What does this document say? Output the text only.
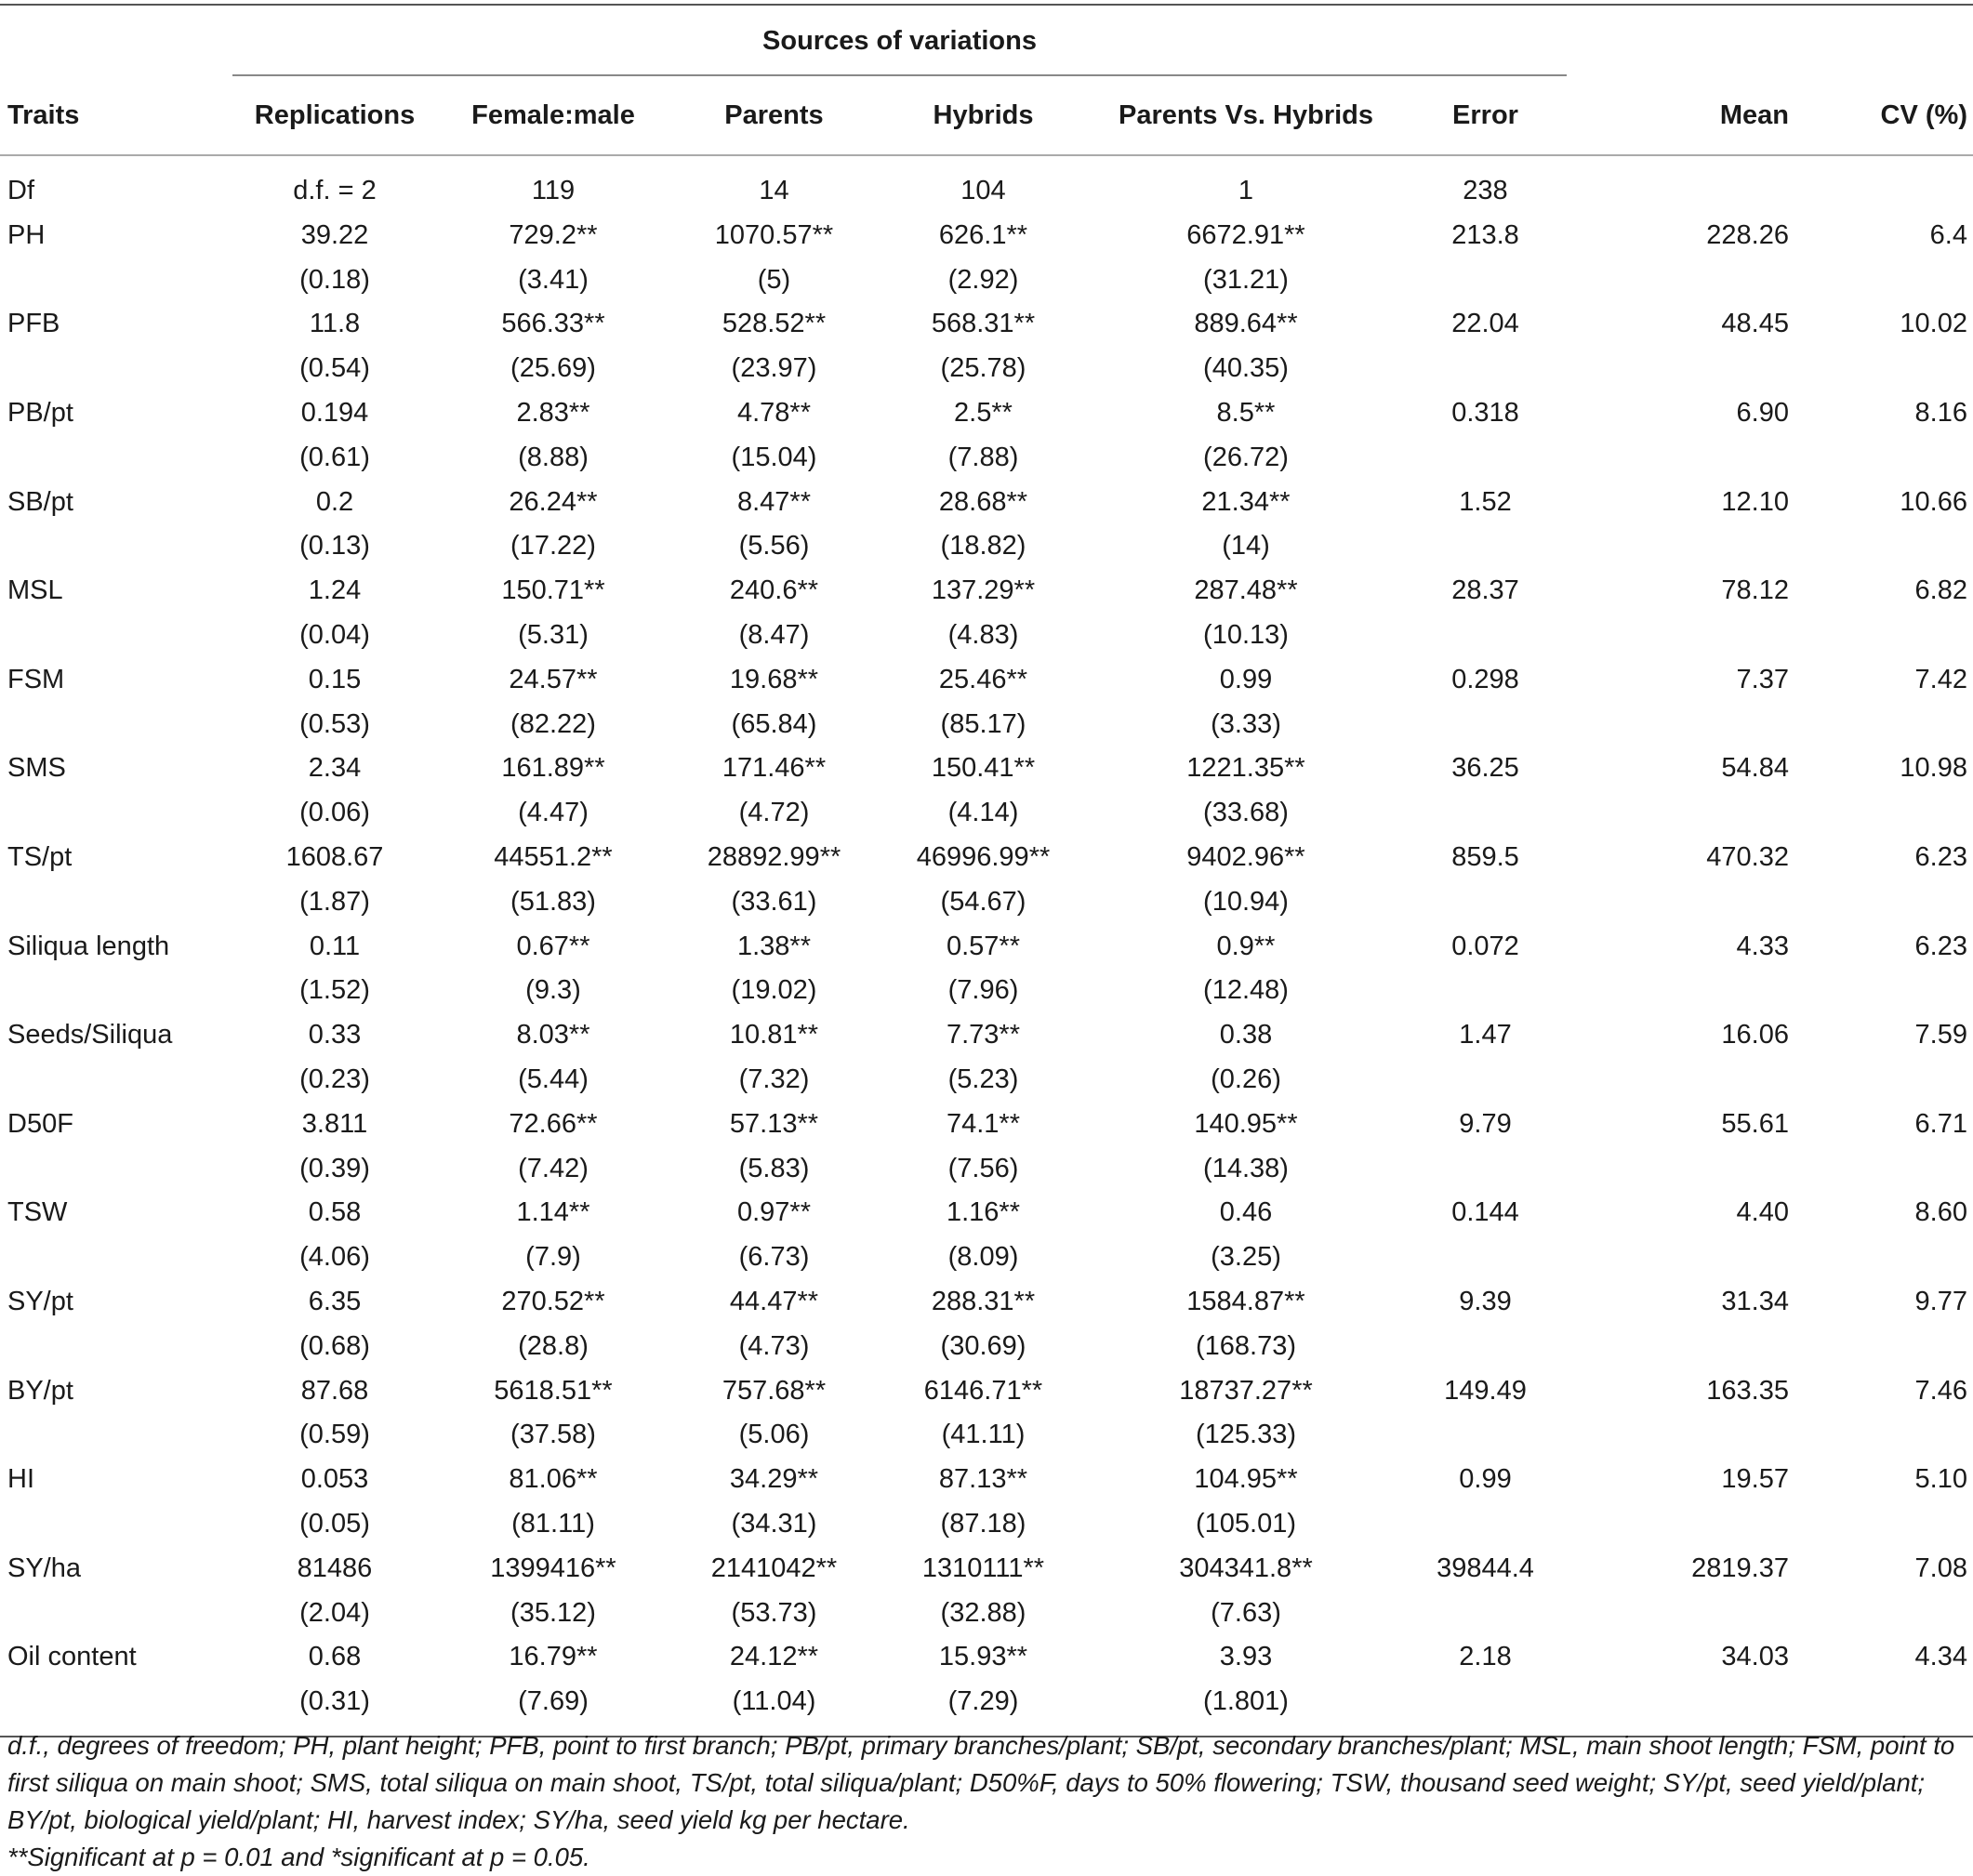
	Sources of variations							
Traits	Replications	Female:male	Parents	Hybrids	Parents Vs. Hybrids	Error	Mean	CV (%)
Df	d.f. = 2	119	14	104	1	238		
PH	39.22	729.2**	1070.57**	626.1**	6672.91**	213.8	228.26	6.4
	(0.18)	(3.41)	(5)	(2.92)	(31.21)			
PFB	11.8	566.33**	528.52**	568.31**	889.64**	22.04	48.45	10.02
	(0.54)	(25.69)	(23.97)	(25.78)	(40.35)			
PB/pt	0.194	2.83**	4.78**	2.5**	8.5**	0.318	6.90	8.16
	(0.61)	(8.88)	(15.04)	(7.88)	(26.72)			
SB/pt	0.2	26.24**	8.47**	28.68**	21.34**	1.52	12.10	10.66
	(0.13)	(17.22)	(5.56)	(18.82)	(14)			
MSL	1.24	150.71**	240.6**	137.29**	287.48**	28.37	78.12	6.82
	(0.04)	(5.31)	(8.47)	(4.83)	(10.13)			
FSM	0.15	24.57**	19.68**	25.46**	0.99	0.298	7.37	7.42
	(0.53)	(82.22)	(65.84)	(85.17)	(3.33)			
SMS	2.34	161.89**	171.46**	150.41**	1221.35**	36.25	54.84	10.98
	(0.06)	(4.47)	(4.72)	(4.14)	(33.68)			
TS/pt	1608.67	44551.2**	28892.99**	46996.99**	9402.96**	859.5	470.32	6.23
	(1.87)	(51.83)	(33.61)	(54.67)	(10.94)			
Siliqua length	0.11	0.67**	1.38**	0.57**	0.9**	0.072	4.33	6.23
	(1.52)	(9.3)	(19.02)	(7.96)	(12.48)			
Seeds/Siliqua	0.33	8.03**	10.81**	7.73**	0.38	1.47	16.06	7.59
	(0.23)	(5.44)	(7.32)	(5.23)	(0.26)			
D50F	3.811	72.66**	57.13**	74.1**	140.95**	9.79	55.61	6.71
	(0.39)	(7.42)	(5.83)	(7.56)	(14.38)			
TSW	0.58	1.14**	0.97**	1.16**	0.46	0.144	4.40	8.60
	(4.06)	(7.9)	(6.73)	(8.09)	(3.25)			
SY/pt	6.35	270.52**	44.47**	288.31**	1584.87**	9.39	31.34	9.77
	(0.68)	(28.8)	(4.73)	(30.69)	(168.73)			
BY/pt	87.68	5618.51**	757.68**	6146.71**	18737.27**	149.49	163.35	7.46
	(0.59)	(37.58)	(5.06)	(41.11)	(125.33)			
HI	0.053	81.06**	34.29**	87.13**	104.95**	0.99	19.57	5.10
	(0.05)	(81.11)	(34.31)	(87.18)	(105.01)			
SY/ha	81486	1399416**	2141042**	1310111**	304341.8**	39844.4	2819.37	7.08
	(2.04)	(35.12)	(53.73)	(32.88)	(7.63)			
Oil content	0.68	16.79**	24.12**	15.93**	3.93	2.18	34.03	4.34
	(0.31)	(7.69)	(11.04)	(7.29)	(1.801)			

d.f., degrees of freedom; PH, plant height; PFB, point to first branch; PB/pt, primary branches/plant; SB/pt, secondary branches/plant; MSL, main shoot length; FSM, point to first siliqua on main shoot; SMS, total siliqua on main shoot, TS/pt, total siliqua/plant; D50%F, days to 50% flowering; TSW, thousand seed weight; SY/pt, seed yield/plant; BY/pt, biological yield/plant; HI, harvest index; SY/ha, seed yield kg per hectare.

**Significant at p = 0.01 and *significant at p = 0.05.
